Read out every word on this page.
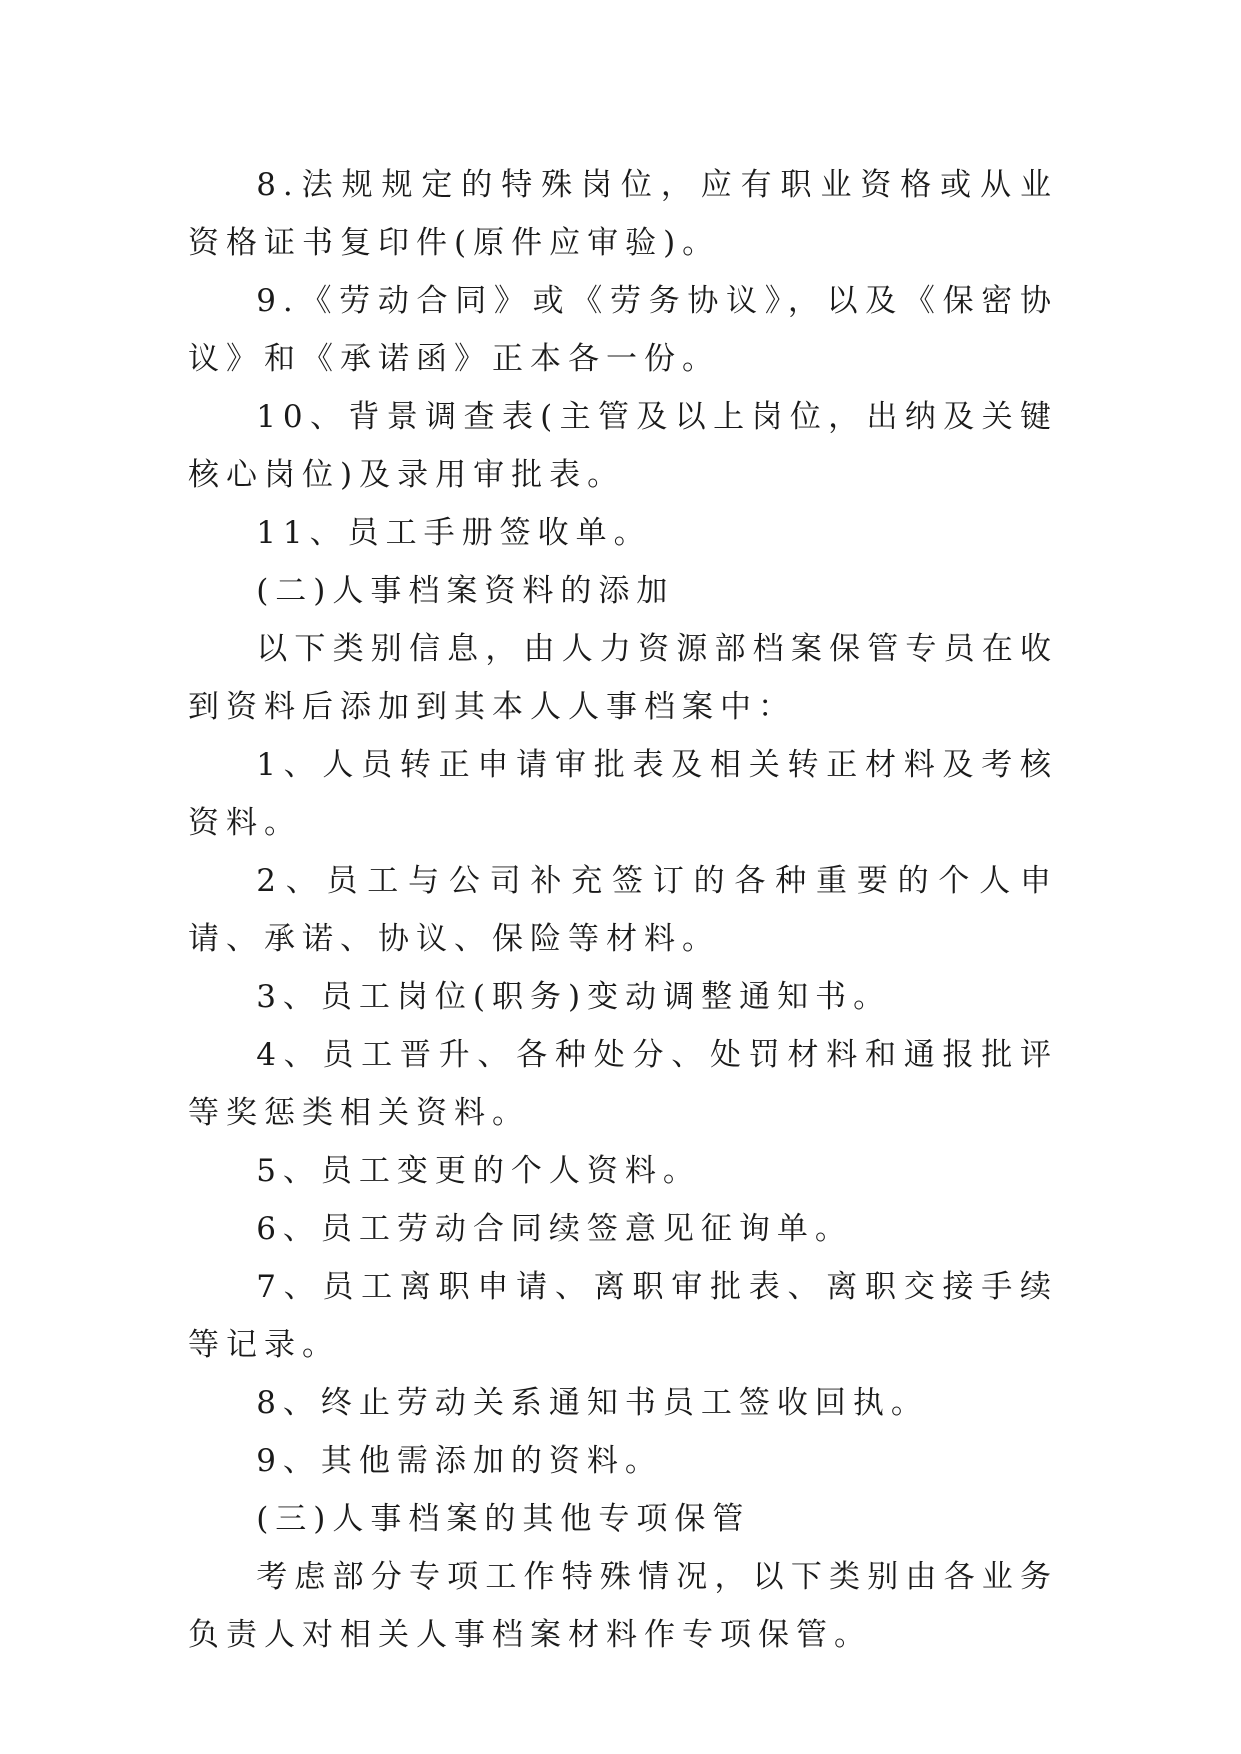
8.法规规定的特殊岗位，应有职业资格或从业资格证书复印件(原件应审验)。

9.《劳动合同》或《劳务协议》，以及《保密协议》和《承诺函》正本各一份。

10、背景调查表(主管及以上岗位，出纳及关键核心岗位)及录用审批表。

11、员工手册签收单。

(二)人事档案资料的添加

以下类别信息，由人力资源部档案保管专员在收到资料后添加到其本人人事档案中：

1、人员转正申请审批表及相关转正材料及考核资料。

2、员工与公司补充签订的各种重要的个人申请、承诺、协议、保险等材料。

3、员工岗位(职务)变动调整通知书。

4、员工晋升、各种处分、处罚材料和通报批评等奖惩类相关资料。

5、员工变更的个人资料。

6、员工劳动合同续签意见征询单。

7、员工离职申请、离职审批表、离职交接手续等记录。

8、终止劳动关系通知书员工签收回执。

9、其他需添加的资料。

(三)人事档案的其他专项保管

考虑部分专项工作特殊情况，以下类别由各业务负责人对相关人事档案材料作专项保管。
